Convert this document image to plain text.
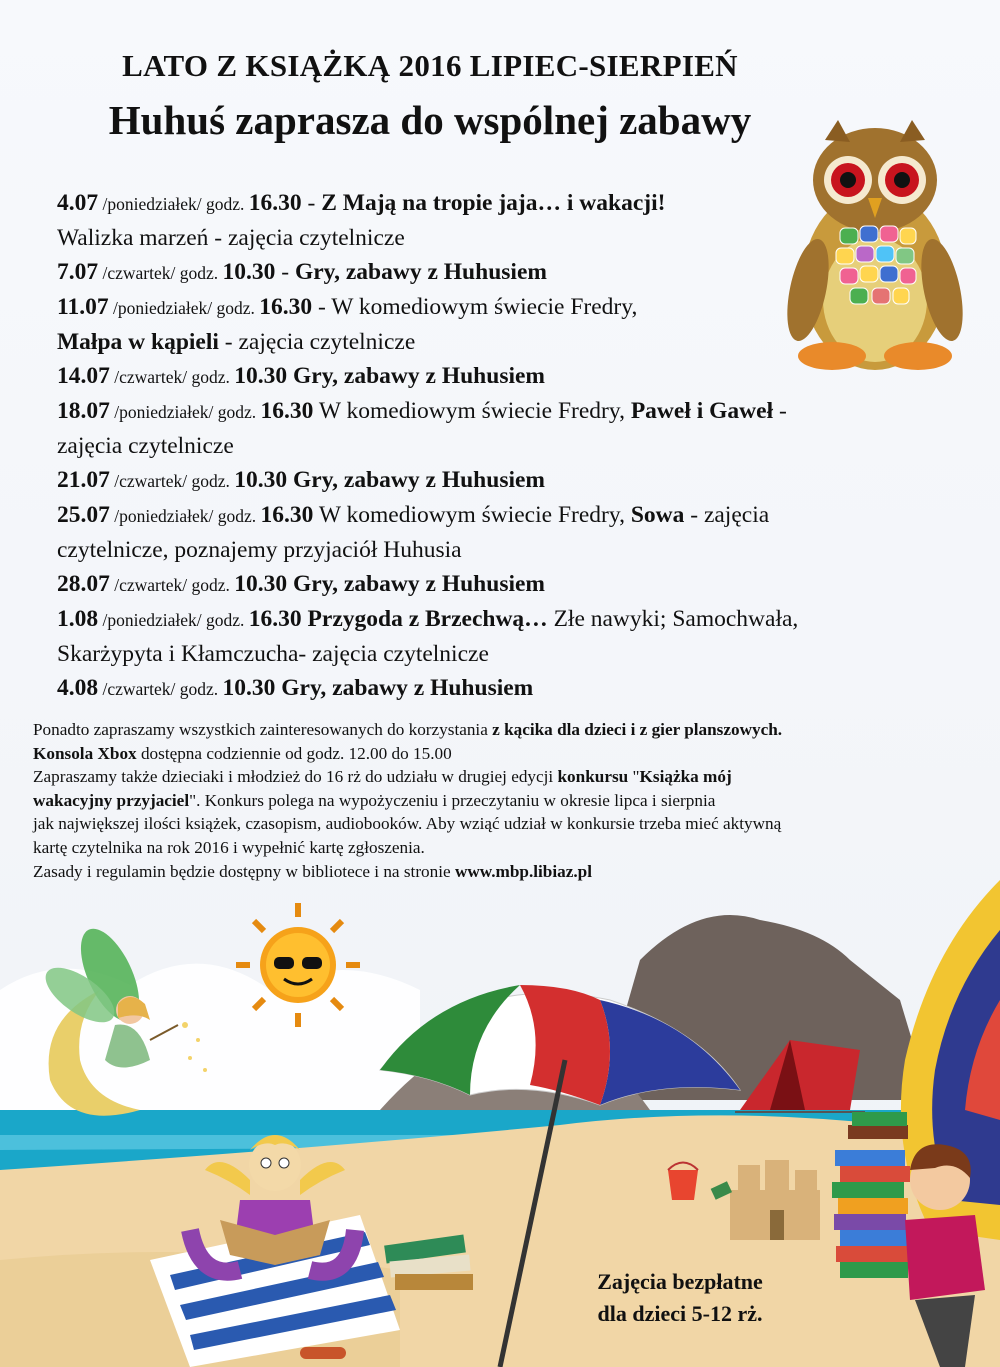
LATO Z KSIĄŻKĄ 2016 LIPIEC-SIERPIEŃ
Huhuś zaprasza do wspólnej zabawy
4.07 /poniedziałek/ godz. 16.30 - Z Mają na tropie jaja… i wakacji!
Walizka marzeń - zajęcia czytelnicze
7.07 /czwartek/ godz. 10.30 - Gry, zabawy z Huhusiem
11.07 /poniedziałek/ godz. 16.30 - W komediowym świecie Fredry,
Małpa w kąpieli - zajęcia czytelnicze
14.07 /czwartek/ godz. 10.30 Gry, zabawy z Huhusiem
18.07 /poniedziałek/ godz. 16.30 W komediowym świecie Fredry, Paweł i Gaweł -
zajęcia czytelnicze
21.07 /czwartek/ godz. 10.30 Gry, zabawy z Huhusiem
25.07 /poniedziałek/ godz. 16.30 W komediowym świecie Fredry, Sowa - zajęcia
czytelnicze, poznajemy przyjaciół Huhusia
28.07 /czwartek/ godz. 10.30 Gry, zabawy z Huhusiem
1.08 /poniedziałek/ godz. 16.30 Przygoda z Brzechwą… Złe nawyki; Samochwała,
Skarżypyta i Kłamczucha- zajęcia czytelnicze
4.08 /czwartek/ godz. 10.30 Gry, zabawy z Huhusiem
Ponadto zapraszamy wszystkich zainteresowanych do korzystania z kącika dla dzieci i z gier planszowych.
Konsola Xbox dostępna codziennie od godz. 12.00 do 15.00
Zapraszamy także dzieciaki i młodzież do 16 rż do udziału w drugiej edycji konkursu "Książka mój
wakacyjny przyjaciel". Konkurs polega na wypożyczeniu i przeczytaniu w okresie lipca i sierpnia
jak największej ilości książek, czasopism, audiobooków. Aby wziąć udział w konkursie trzeba mieć aktywną
kartę czytelnika na rok 2016 i wypełnić kartę zgłoszenia.
Zasady i regulamin będzie dostępny w bibliotece i na stronie www.mbp.libiaz.pl
Zajęcia bezpłatne
dla dzieci 5-12 rż.
